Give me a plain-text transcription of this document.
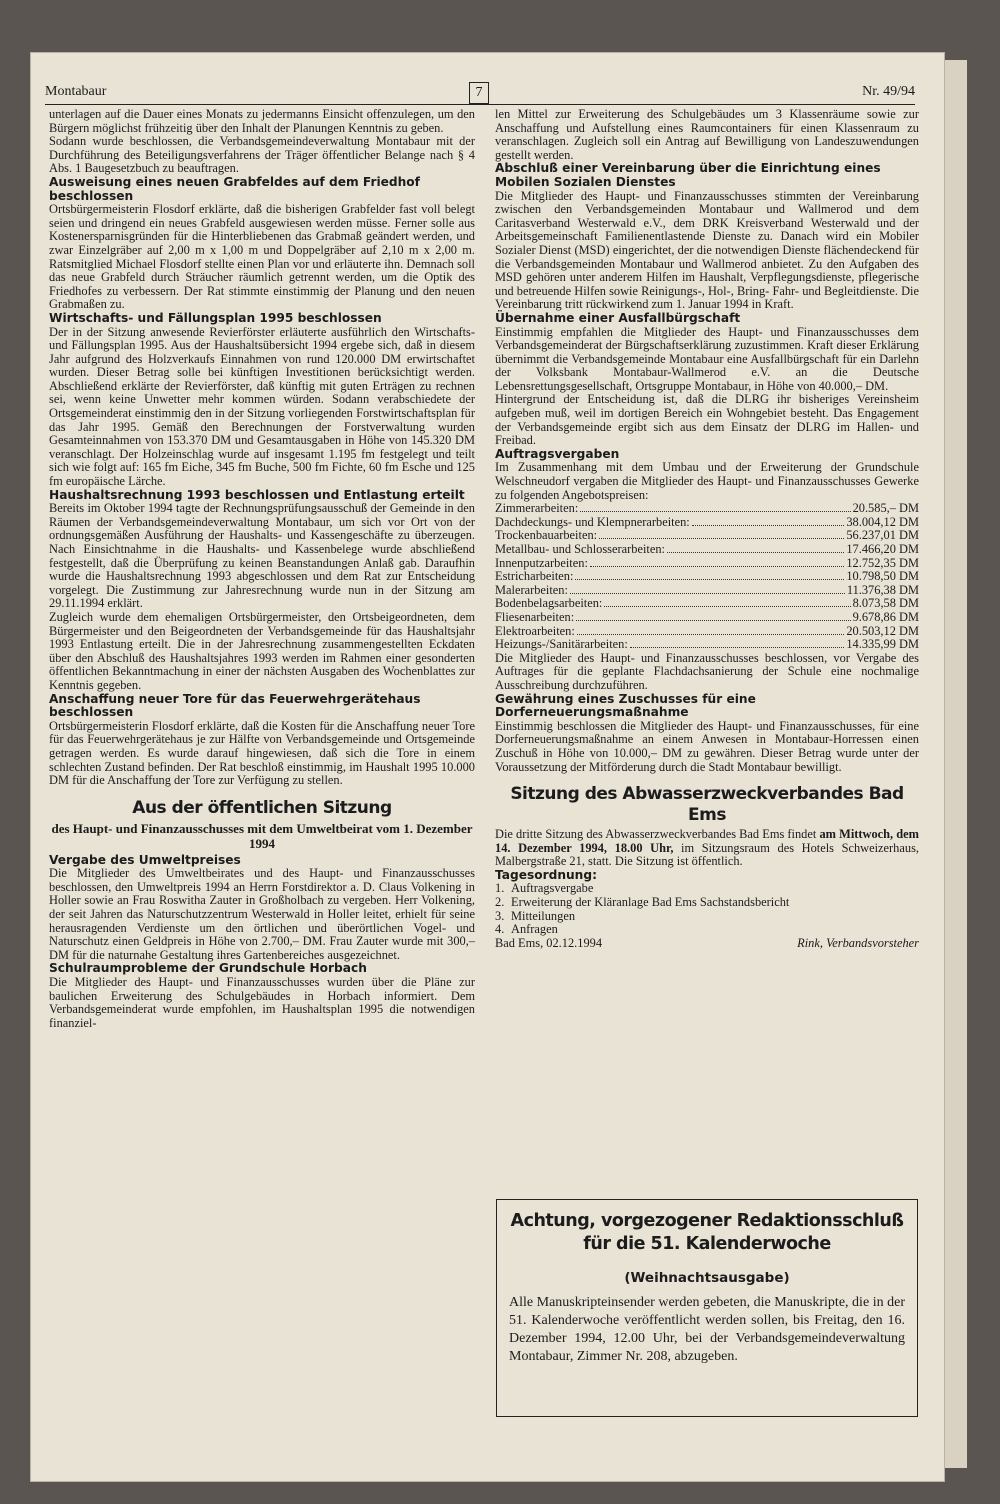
Montabaur	7	Nr. 49/94

unterlagen auf die Dauer eines Monats zu jedermanns Einsicht offenzulegen, um den Bürgern möglichst frühzeitig über den Inhalt der Planungen Kenntnis zu geben.

Sodann wurde beschlossen, die Verbandsgemeindeverwaltung Montabaur mit der Durchführung des Beteiligungsverfahrens der Träger öffentlicher Belange nach § 4 Abs. 1 Baugesetzbuch zu beauftragen.

Ausweisung eines neuen Grabfeldes auf dem Friedhof beschlossen

Ortsbürgermeisterin Flosdorf erklärte, daß die bisherigen Grabfelder fast voll belegt seien und dringend ein neues Grabfeld ausgewiesen werden müsse. Ferner solle aus Kostenersparnisgründen für die Hinterbliebenen das Grabmaß geändert werden, und zwar Einzelgräber auf 2,00 m x 1,00 m und Doppelgräber auf 2,10 m x 2,00 m. Ratsmitglied Michael Flosdorf stellte einen Plan vor und erläuterte ihn. Demnach soll das neue Grabfeld durch Sträucher räumlich getrennt werden, um die Optik des Friedhofes zu verbessern. Der Rat stimmte einstimmig der Planung und den neuen Grabmaßen zu.

Wirtschafts- und Fällungsplan 1995 beschlossen

Der in der Sitzung anwesende Revierförster erläuterte ausführlich den Wirtschafts- und Fällungsplan 1995. Aus der Haushaltsübersicht 1994 ergebe sich, daß in diesem Jahr aufgrund des Holzverkaufs Einnahmen von rund 120.000 DM erwirtschaftet wurden. Dieser Betrag solle bei künftigen Investitionen berücksichtigt werden. Abschließend erklärte der Revierförster, daß künftig mit guten Erträgen zu rechnen sei, wenn keine Unwetter mehr kommen würden. Sodann verabschiedete der Ortsgemeinderat einstimmig den in der Sitzung vorliegenden Forstwirtschaftsplan für das Jahr 1995. Gemäß den Berechnungen der Forstverwaltung wurden Gesamteinnahmen von 153.370 DM und Gesamtausgaben in Höhe von 145.320 DM veranschlagt. Der Holzeinschlag wurde auf insgesamt 1.195 fm festgelegt und teilt sich wie folgt auf: 165 fm Eiche, 345 fm Buche, 500 fm Fichte, 60 fm Esche und 125 fm europäische Lärche.

Haushaltsrechnung 1993 beschlossen und Entlastung erteilt

Bereits im Oktober 1994 tagte der Rechnungsprüfungsausschuß der Gemeinde in den Räumen der Verbandsgemeindeverwaltung Montabaur, um sich vor Ort von der ordnungsgemäßen Ausführung der Haushalts- und Kassengeschäfte zu überzeugen. Nach Einsichtnahme in die Haushalts- und Kassenbelege wurde abschließend festgestellt, daß die Überprüfung zu keinen Beanstandungen Anlaß gab. Daraufhin wurde die Haushaltsrechnung 1993 abgeschlossen und dem Rat zur Entscheidung vorgelegt. Die Zustimmung zur Jahresrechnung wurde nun in der Sitzung am 29.11.1994 erklärt.

Zugleich wurde dem ehemaligen Ortsbürgermeister, den Ortsbeigeordneten, dem Bürgermeister und den Beigeordneten der Verbandsgemeinde für das Haushaltsjahr 1993 Entlastung erteilt. Die in der Jahresrechnung zusammengestellten Eckdaten über den Abschluß des Haushaltsjahres 1993 werden im Rahmen einer gesonderten öffentlichen Bekanntmachung in einer der nächsten Ausgaben des Wochenblattes zur Kenntnis gegeben.

Anschaffung neuer Tore für das Feuerwehrgerätehaus beschlossen

Ortsbürgermeisterin Flosdorf erklärte, daß die Kosten für die Anschaffung neuer Tore für das Feuerwehrgerätehaus je zur Hälfte von Verbandsgemeinde und Ortsgemeinde getragen werden. Es wurde darauf hingewiesen, daß sich die Tore in einem schlechten Zustand befinden. Der Rat beschloß einstimmig, im Haushalt 1995 10.000 DM für die Anschaffung der Tore zur Verfügung zu stellen.

Aus der öffentlichen Sitzung
des Haupt- und Finanzausschusses mit dem Umweltbeirat vom 1. Dezember 1994
Vergabe des Umweltpreises

Die Mitglieder des Umweltbeirates und des Haupt- und Finanzausschusses beschlossen, den Umweltpreis 1994 an Herrn Forstdirektor a. D. Claus Volkening in Holler sowie an Frau Roswitha Zauter in Großholbach zu vergeben. Herr Volkening, der seit Jahren das Naturschutzzentrum Westerwald in Holler leitet, erhielt für seine herausragenden Verdienste um den örtlichen und überörtlichen Vogel- und Naturschutz einen Geldpreis in Höhe von 2.700,– DM. Frau Zauter wurde mit 300,– DM für die naturnahe Gestaltung ihres Gartenbereiches ausgezeichnet.

Schulraumprobleme der Grundschule Horbach

Die Mitglieder des Haupt- und Finanzausschusses wurden über die Pläne zur baulichen Erweiterung des Schulgebäudes in Horbach informiert. Dem Verbandsgemeinderat wurde empfohlen, im Haushaltsplan 1995 die notwendigen finanziel-

len Mittel zur Erweiterung des Schulgebäudes um 3 Klassenräume sowie zur Anschaffung und Aufstellung eines Raumcontainers für einen Klassenraum zu veranschlagen. Zugleich soll ein Antrag auf Bewilligung von Landeszuwendungen gestellt werden.

Abschluß einer Vereinbarung über die Einrichtung eines Mobilen Sozialen Dienstes

Die Mitglieder des Haupt- und Finanzausschusses stimmten der Vereinbarung zwischen den Verbandsgemeinden Montabaur und Wallmerod und dem Caritasverband Westerwald e.V., dem DRK Kreisverband Westerwald und der Arbeitsgemeinschaft Familienentlastende Dienste zu. Danach wird ein Mobiler Sozialer Dienst (MSD) eingerichtet, der die notwendigen Dienste flächendeckend für die Verbandsgemeinden Montabaur und Wallmerod anbietet. Zu den Aufgaben des MSD gehören unter anderem Hilfen im Haushalt, Verpflegungsdienste, pflegerische und betreuende Hilfen sowie Reinigungs-, Hol-, Bring- Fahr- und Begleitdienste. Die Vereinbarung tritt rückwirkend zum 1. Januar 1994 in Kraft.

Übernahme einer Ausfallbürgschaft

Einstimmig empfahlen die Mitglieder des Haupt- und Finanzausschusses dem Verbandsgemeinderat der Bürgschaftserklärung zuzustimmen. Kraft dieser Erklärung übernimmt die Verbandsgemeinde Montabaur eine Ausfallbürgschaft für ein Darlehn der Volksbank Montabaur-Wallmerod e.V. an die Deutsche Lebensrettungsgesellschaft, Ortsgruppe Montabaur, in Höhe von 40.000,– DM.

Hintergrund der Entscheidung ist, daß die DLRG ihr bisheriges Vereinsheim aufgeben muß, weil im dortigen Bereich ein Wohngebiet besteht. Das Engagement der Verbandsgemeinde ergibt sich aus dem Einsatz der DLRG im Hallen- und Freibad.

Auftragsvergaben

Im Zusammenhang mit dem Umbau und der Erweiterung der Grundschule Welschneudorf vergaben die Mitglieder des Haupt- und Finanzausschusses Gewerke zu folgenden Angebotspreisen:

Zimmerarbeiten:	20.585,– DM
Dachdeckungs- und Klempnerarbeiten:	38.004,12 DM
Trockenbauarbeiten:	56.237,01 DM
Metallbau- und Schlosserarbeiten:	17.466,20 DM
Innenputzarbeiten:	12.752,35 DM
Estricharbeiten:	10.798,50 DM
Malerarbeiten:	11.376,38 DM
Bodenbelagsarbeiten:	8.073,58 DM
Fliesenarbeiten:	9.678,86 DM
Elektroarbeiten:	20.503,12 DM
Heizungs-/Sanitärarbeiten:	14.335,99 DM

Die Mitglieder des Haupt- und Finanzausschusses beschlossen, vor Vergabe des Auftrages für die geplante Flachdachsanierung der Schule eine nochmalige Ausschreibung durchzuführen.

Gewährung eines Zuschusses für eine Dorferneuerungsmaßnahme

Einstimmig beschlossen die Mitglieder des Haupt- und Finanzausschusses, für eine Dorferneuerungsmaßnahme an einem Anwesen in Montabaur-Horressen einen Zuschuß in Höhe von 10.000,– DM zu gewähren. Dieser Betrag wurde unter der Voraussetzung der Mitförderung durch die Stadt Montabaur bewilligt.

Sitzung des Abwasserzweckverbandes Bad Ems

Die dritte Sitzung des Abwasserzweckverbandes Bad Ems findet am Mittwoch, dem 14. Dezember 1994, 18.00 Uhr, im Sitzungsraum des Hotels Schweizerhaus, Malbergstraße 21, statt. Die Sitzung ist öffentlich.

Tagesordnung:
1. Auftragsvergabe
2. Erweiterung der Kläranlage Bad Ems Sachstandsbericht
3. Mitteilungen
4. Anfragen
Bad Ems, 02.12.1994	Rink, Verbandsvorsteher
Achtung, vorgezogener Redaktionsschluß für die 51. Kalenderwoche
(Weihnachtsausgabe)
Alle Manuskripteinsender werden gebeten, die Manuskripte, die in der 51. Kalenderwoche veröffentlicht werden sollen, bis Freitag, den 16. Dezember 1994, 12.00 Uhr, bei der Verbandsgemeindeverwaltung Montabaur, Zimmer Nr. 208, abzugeben.
